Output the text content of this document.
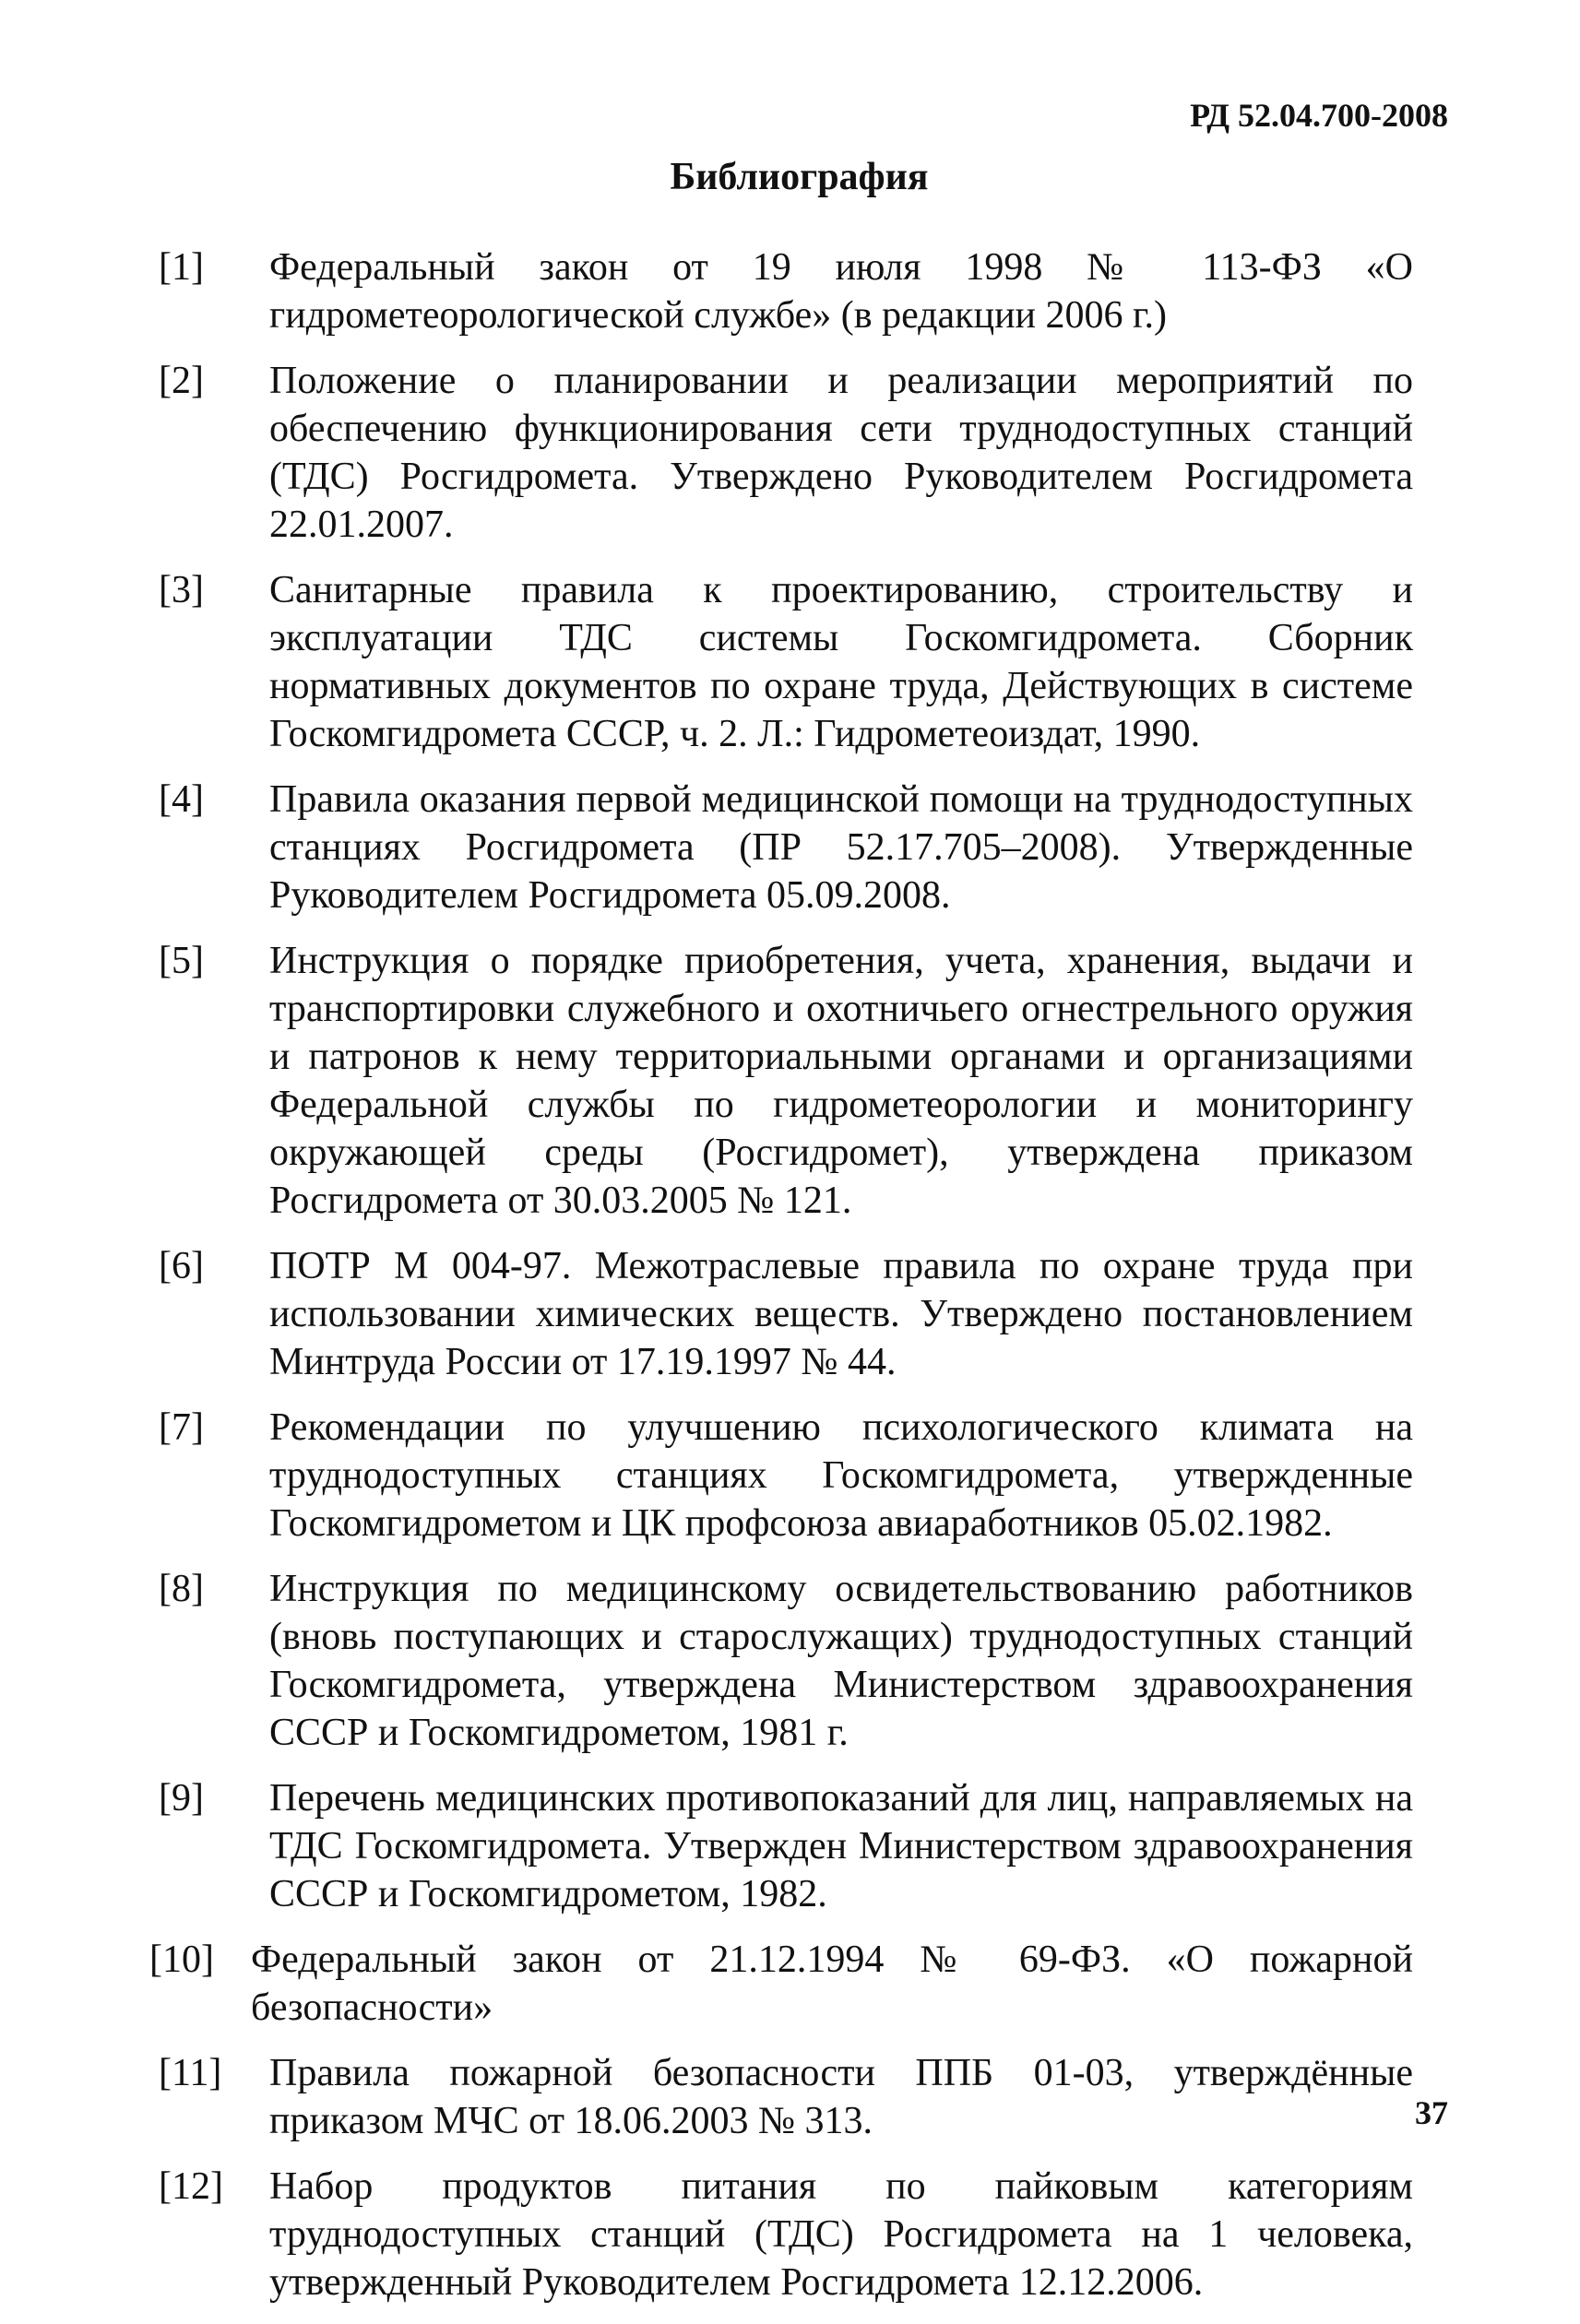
РД 52.04.700-2008
Библиография
[1] Федеральный закон от 19 июля 1998 № 113-ФЗ «О гидрометеорологической службе» (в редакции 2006 г.)
[2] Положение о планировании и реализации мероприятий по обеспечению функционирования сети труднодоступных станций (ТДС) Росгидромета. Утверждено Руководителем Росгидромета 22.01.2007.
[3] Санитарные правила к проектированию, строительству и эксплуатации ТДС системы Госкомгидромета. Сборник нормативных документов по охране труда, Действующих в системе Госкомгидромета СССР, ч. 2. Л.: Гидрометеоиздат, 1990.
[4] Правила оказания первой медицинской помощи на труднодоступных станциях Росгидромета (ПР 52.17.705–2008). Утвержденные Руководителем Росгидромета 05.09.2008.
[5] Инструкция о порядке приобретения, учета, хранения, выдачи и транспортировки служебного и охотничьего огнестрельного оружия и патронов к нему территориальными органами и организациями Федеральной службы по гидрометеорологии и мониторингу окружающей среды (Росгидромет), утверждена приказом Росгидромета от 30.03.2005 № 121.
[6] ПОТР М 004-97. Межотраслевые правила по охране труда при использовании химических веществ. Утверждено постановлением Минтруда России от 17.19.1997 № 44.
[7] Рекомендации по улучшению психологического климата на труднодоступных станциях Госкомгидромета, утвержденные Госкомгидрометом и ЦК профсоюза авиаработников 05.02.1982.
[8] Инструкция по медицинскому освидетельствованию работников (вновь поступающих и старослужащих) труднодоступных станций Госкомгидромета, утверждена Министерством здравоохранения СССР и Госкомгидрометом, 1981 г.
[9] Перечень медицинских противопоказаний для лиц, направляемых на ТДС Госкомгидромета. Утвержден Министерством здравоохранения СССР и Госкомгидрометом, 1982.
[10] Федеральный закон от 21.12.1994 № 69-ФЗ. «О пожарной безопасности»
[11] Правила пожарной безопасности ППБ 01-03, утверждённые приказом МЧС от 18.06.2003 № 313.
[12] Набор продуктов питания по пайковым категориям труднодоступных станций (ТДС) Росгидромета на 1 человека, утвержденный Руководителем Росгидромета 12.12.2006.
37
